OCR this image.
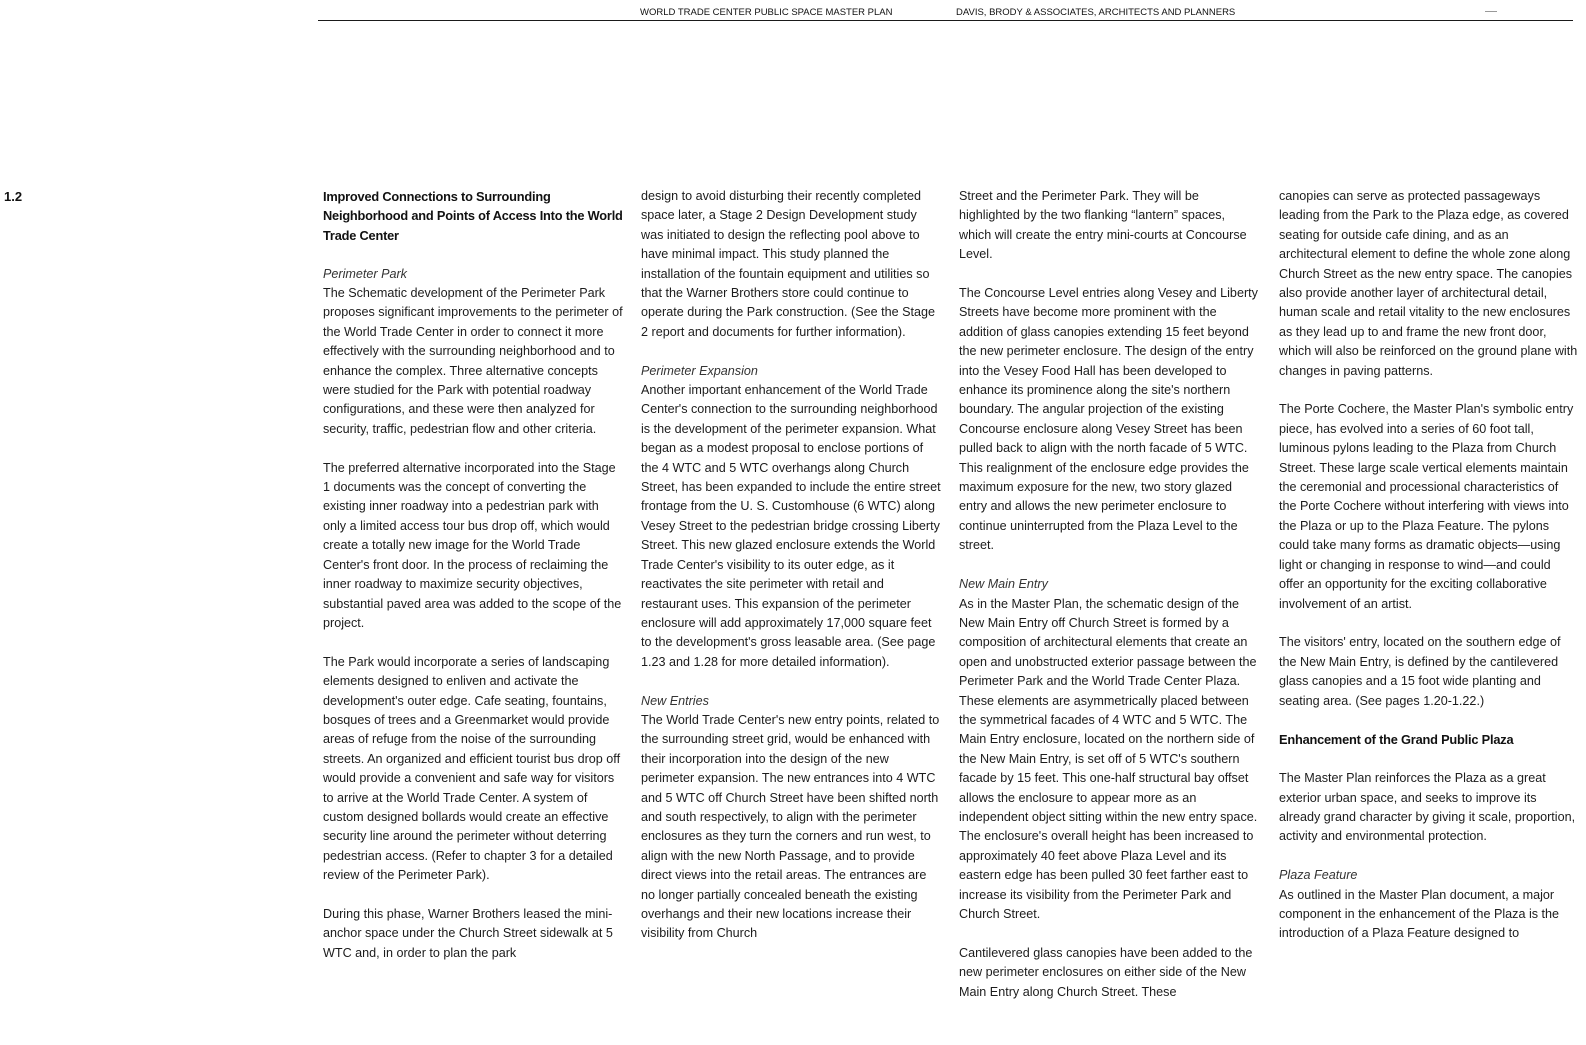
WORLD TRADE CENTER PUBLIC SPACE MASTER PLAN	DAVIS, BRODY & ASSOCIATES, ARCHITECTS AND PLANNERS
1.2	Improved Connections to Surrounding Neighborhood and Points of Access Into the World Trade Center

Perimeter Park

The Schematic development of the Perimeter Park proposes significant improvements to the perimeter of the World Trade Center in order to connect it more effectively with the surrounding neighborhood and to enhance the complex. Three alternative concepts were studied for the Park with potential roadway configurations, and these were then analyzed for security, traffic, pedestrian flow and other criteria.

The preferred alternative incorporated into the Stage 1 documents was the concept of converting the existing inner roadway into a pedestrian park with only a limited access tour bus drop off, which would create a totally new image for the World Trade Center's front door. In the process of reclaiming the inner roadway to maximize security objectives, substantial paved area was added to the scope of the project.

The Park would incorporate a series of landscaping elements designed to enliven and activate the development's outer edge. Cafe seating, fountains, bosques of trees and a Greenmarket would provide areas of refuge from the noise of the surrounding streets. An organized and efficient tourist bus drop off would provide a convenient and safe way for visitors to arrive at the World Trade Center. A system of custom designed bollards would create an effective security line around the perimeter without deterring pedestrian access. (Refer to chapter 3 for a detailed review of the Perimeter Park).

During this phase, Warner Brothers leased the mini-anchor space under the Church Street sidewalk at 5 WTC and, in order to plan the park

design to avoid disturbing their recently completed space later, a Stage 2 Design Development study was initiated to design the reflecting pool above to have minimal impact. This study planned the installation of the fountain equipment and utilities so that the Warner Brothers store could continue to operate during the Park construction. (See the Stage 2 report and documents for further information).

Perimeter Expansion

Another important enhancement of the World Trade Center's connection to the surrounding neighborhood is the development of the perimeter expansion. What began as a modest proposal to enclose portions of the 4 WTC and 5 WTC overhangs along Church Street, has been expanded to include the entire street frontage from the U. S. Customhouse (6 WTC) along Vesey Street to the pedestrian bridge crossing Liberty Street. This new glazed enclosure extends the World Trade Center's visibility to its outer edge, as it reactivates the site perimeter with retail and restaurant uses. This expansion of the perimeter enclosure will add approximately 17,000 square feet to the development's gross leasable area. (See page 1.23 and 1.28 for more detailed information).

New Entries

The World Trade Center's new entry points, related to the surrounding street grid, would be enhanced with their incorporation into the design of the new perimeter expansion. The new entrances into 4 WTC and 5 WTC off Church Street have been shifted north and south respectively, to align with the perimeter enclosures as they turn the corners and run west, to align with the new North Passage, and to provide direct views into the retail areas. The entrances are no longer partially concealed beneath the existing overhangs and their new locations increase their visibility from Church

Street and the Perimeter Park. They will be highlighted by the two flanking “lantern” spaces, which will create the entry mini-courts at Concourse Level.

The Concourse Level entries along Vesey and Liberty Streets have become more prominent with the addition of glass canopies extending 15 feet beyond the new perimeter enclosure. The design of the entry into the Vesey Food Hall has been developed to enhance its prominence along the site's northern boundary. The angular projection of the existing Concourse enclosure along Vesey Street has been pulled back to align with the north facade of 5 WTC. This realignment of the enclosure edge provides the maximum exposure for the new, two story glazed entry and allows the new perimeter enclosure to continue uninterrupted from the Plaza Level to the street.

New Main Entry

As in the Master Plan, the schematic design of the New Main Entry off Church Street is formed by a composition of architectural elements that create an open and unobstructed exterior passage between the Perimeter Park and the World Trade Center Plaza. These elements are asymmetrically placed between the symmetrical facades of 4 WTC and 5 WTC. The Main Entry enclosure, located on the northern side of the New Main Entry, is set off of 5 WTC's southern facade by 15 feet. This one-half structural bay offset allows the enclosure to appear more as an independent object sitting within the new entry space. The enclosure's overall height has been increased to approximately 40 feet above Plaza Level and its eastern edge has been pulled 30 feet farther east to increase its visibility from the Perimeter Park and Church Street.

Cantilevered glass canopies have been added to the new perimeter enclosures on either side of the New Main Entry along Church Street. These

canopies can serve as protected passageways leading from the Park to the Plaza edge, as covered seating for outside cafe dining, and as an architectural element to define the whole zone along Church Street as the new entry space. The canopies also provide another layer of architectural detail, human scale and retail vitality to the new enclosures as they lead up to and frame the new front door, which will also be reinforced on the ground plane with changes in paving patterns.

The Porte Cochere, the Master Plan's symbolic entry piece, has evolved into a series of 60 foot tall, luminous pylons leading to the Plaza from Church Street. These large scale vertical elements maintain the ceremonial and processional characteristics of the Porte Cochere without interfering with views into the Plaza or up to the Plaza Feature. The pylons could take many forms as dramatic objects—using light or changing in response to wind—and could offer an opportunity for the exciting collaborative involvement of an artist.

The visitors' entry, located on the southern edge of the New Main Entry, is defined by the cantilevered glass canopies and a 15 foot wide planting and seating area. (See pages 1.20-1.22.)

Enhancement of the Grand Public Plaza

The Master Plan reinforces the Plaza as a great exterior urban space, and seeks to improve its already grand character by giving it scale, proportion, activity and environmental protection.

Plaza Feature

As outlined in the Master Plan document, a major component in the enhancement of the Plaza is the introduction of a Plaza Feature designed to
